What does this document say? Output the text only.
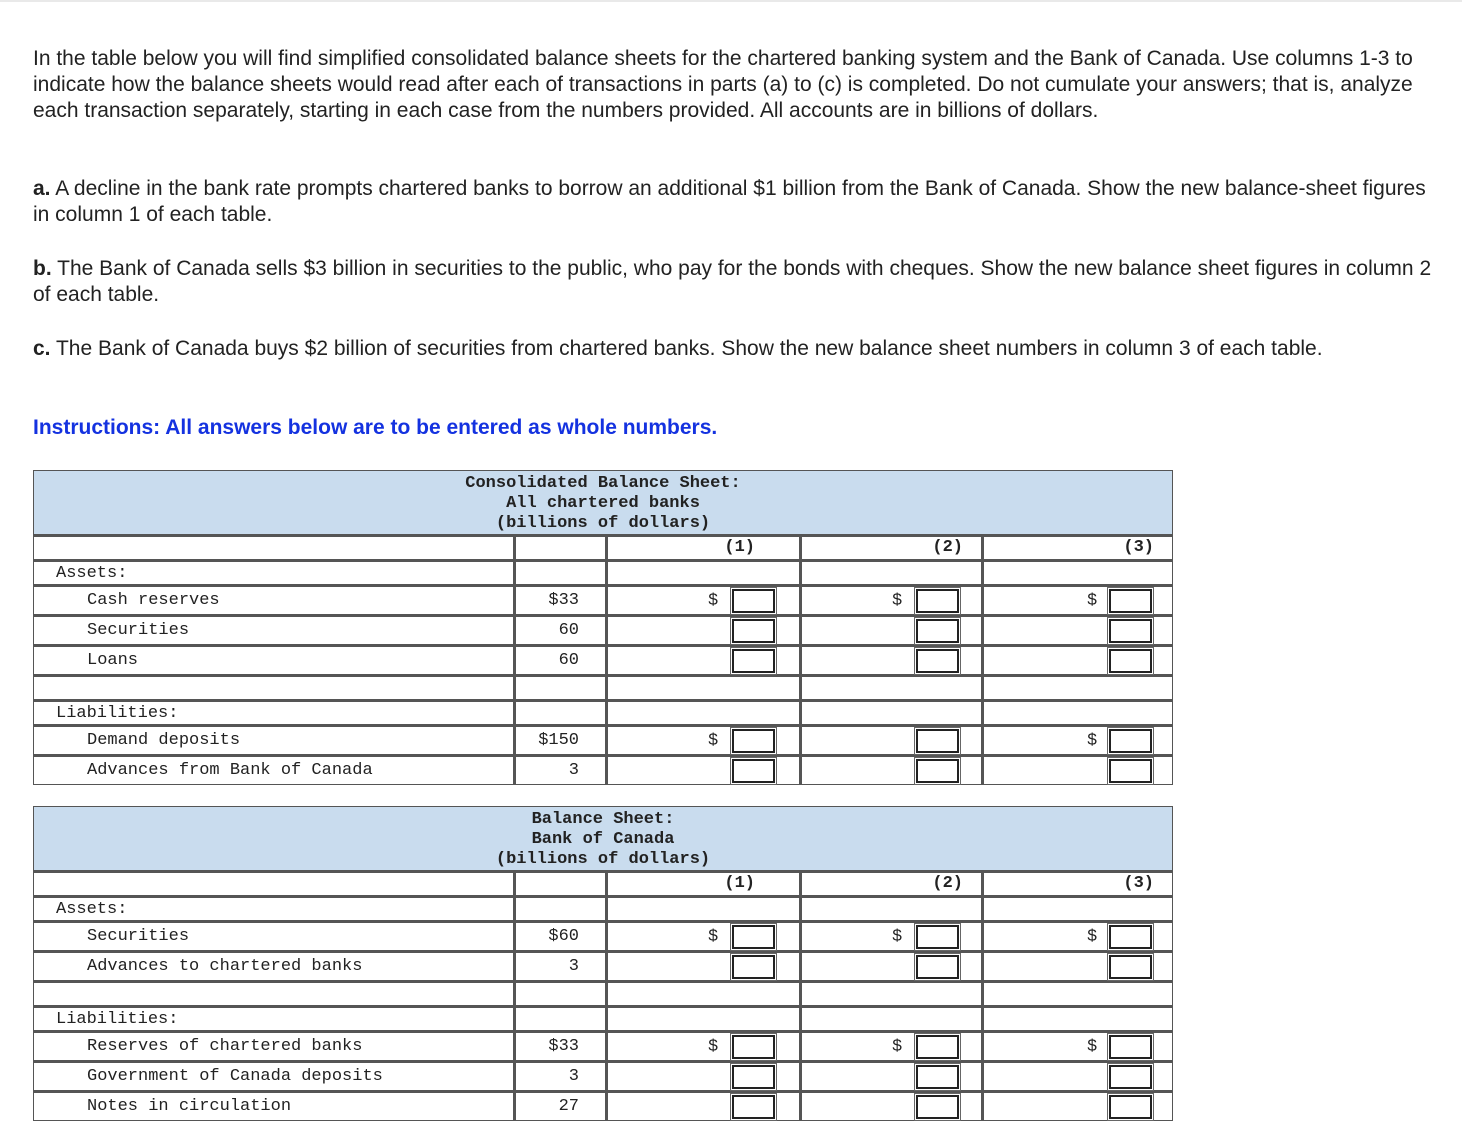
In the table below you will find simplified consolidated balance sheets for the chartered banking system and the Bank of Canada. Use columns 1-3 to indicate how the balance sheets would read after each of transactions in parts (a) to (c) is completed. Do not cumulate your answers; that is, analyze each transaction separately, starting in each case from the numbers provided. All accounts are in billions of dollars.

a. A decline in the bank rate prompts chartered banks to borrow an additional $1 billion from the Bank of Canada. Show the new balance-sheet figures in column 1 of each table.

b. The Bank of Canada sells $3 billion in securities to the public, who pay for the bonds with cheques. Show the new balance sheet figures in column 2 of each table.

c. The Bank of Canada buys $2 billion of securities from chartered banks. Show the new balance sheet numbers in column 3 of each table.

Instructions: All answers below are to be entered as whole numbers.

Consolidated Balance Sheet:
All chartered banks
(billions of dollars)				

		(1)	(2)	(3)
Assets:				
Cash reserves	$33	$	$	$

Securities	60	

Loans	60	

Liabilities:				
Demand deposits	$150	$		$

Advances from Bank of Canada	3	

Balance Sheet:
Bank of Canada
(billions of dollars)				

		(1)	(2)	(3)
Assets:				
Securities	$60	$	$	$

Advances to chartered banks	3	

Liabilities:				
Reserves of chartered banks	$33	$	$	$

Government of Canada deposits	3	

Notes in circulation	27	
